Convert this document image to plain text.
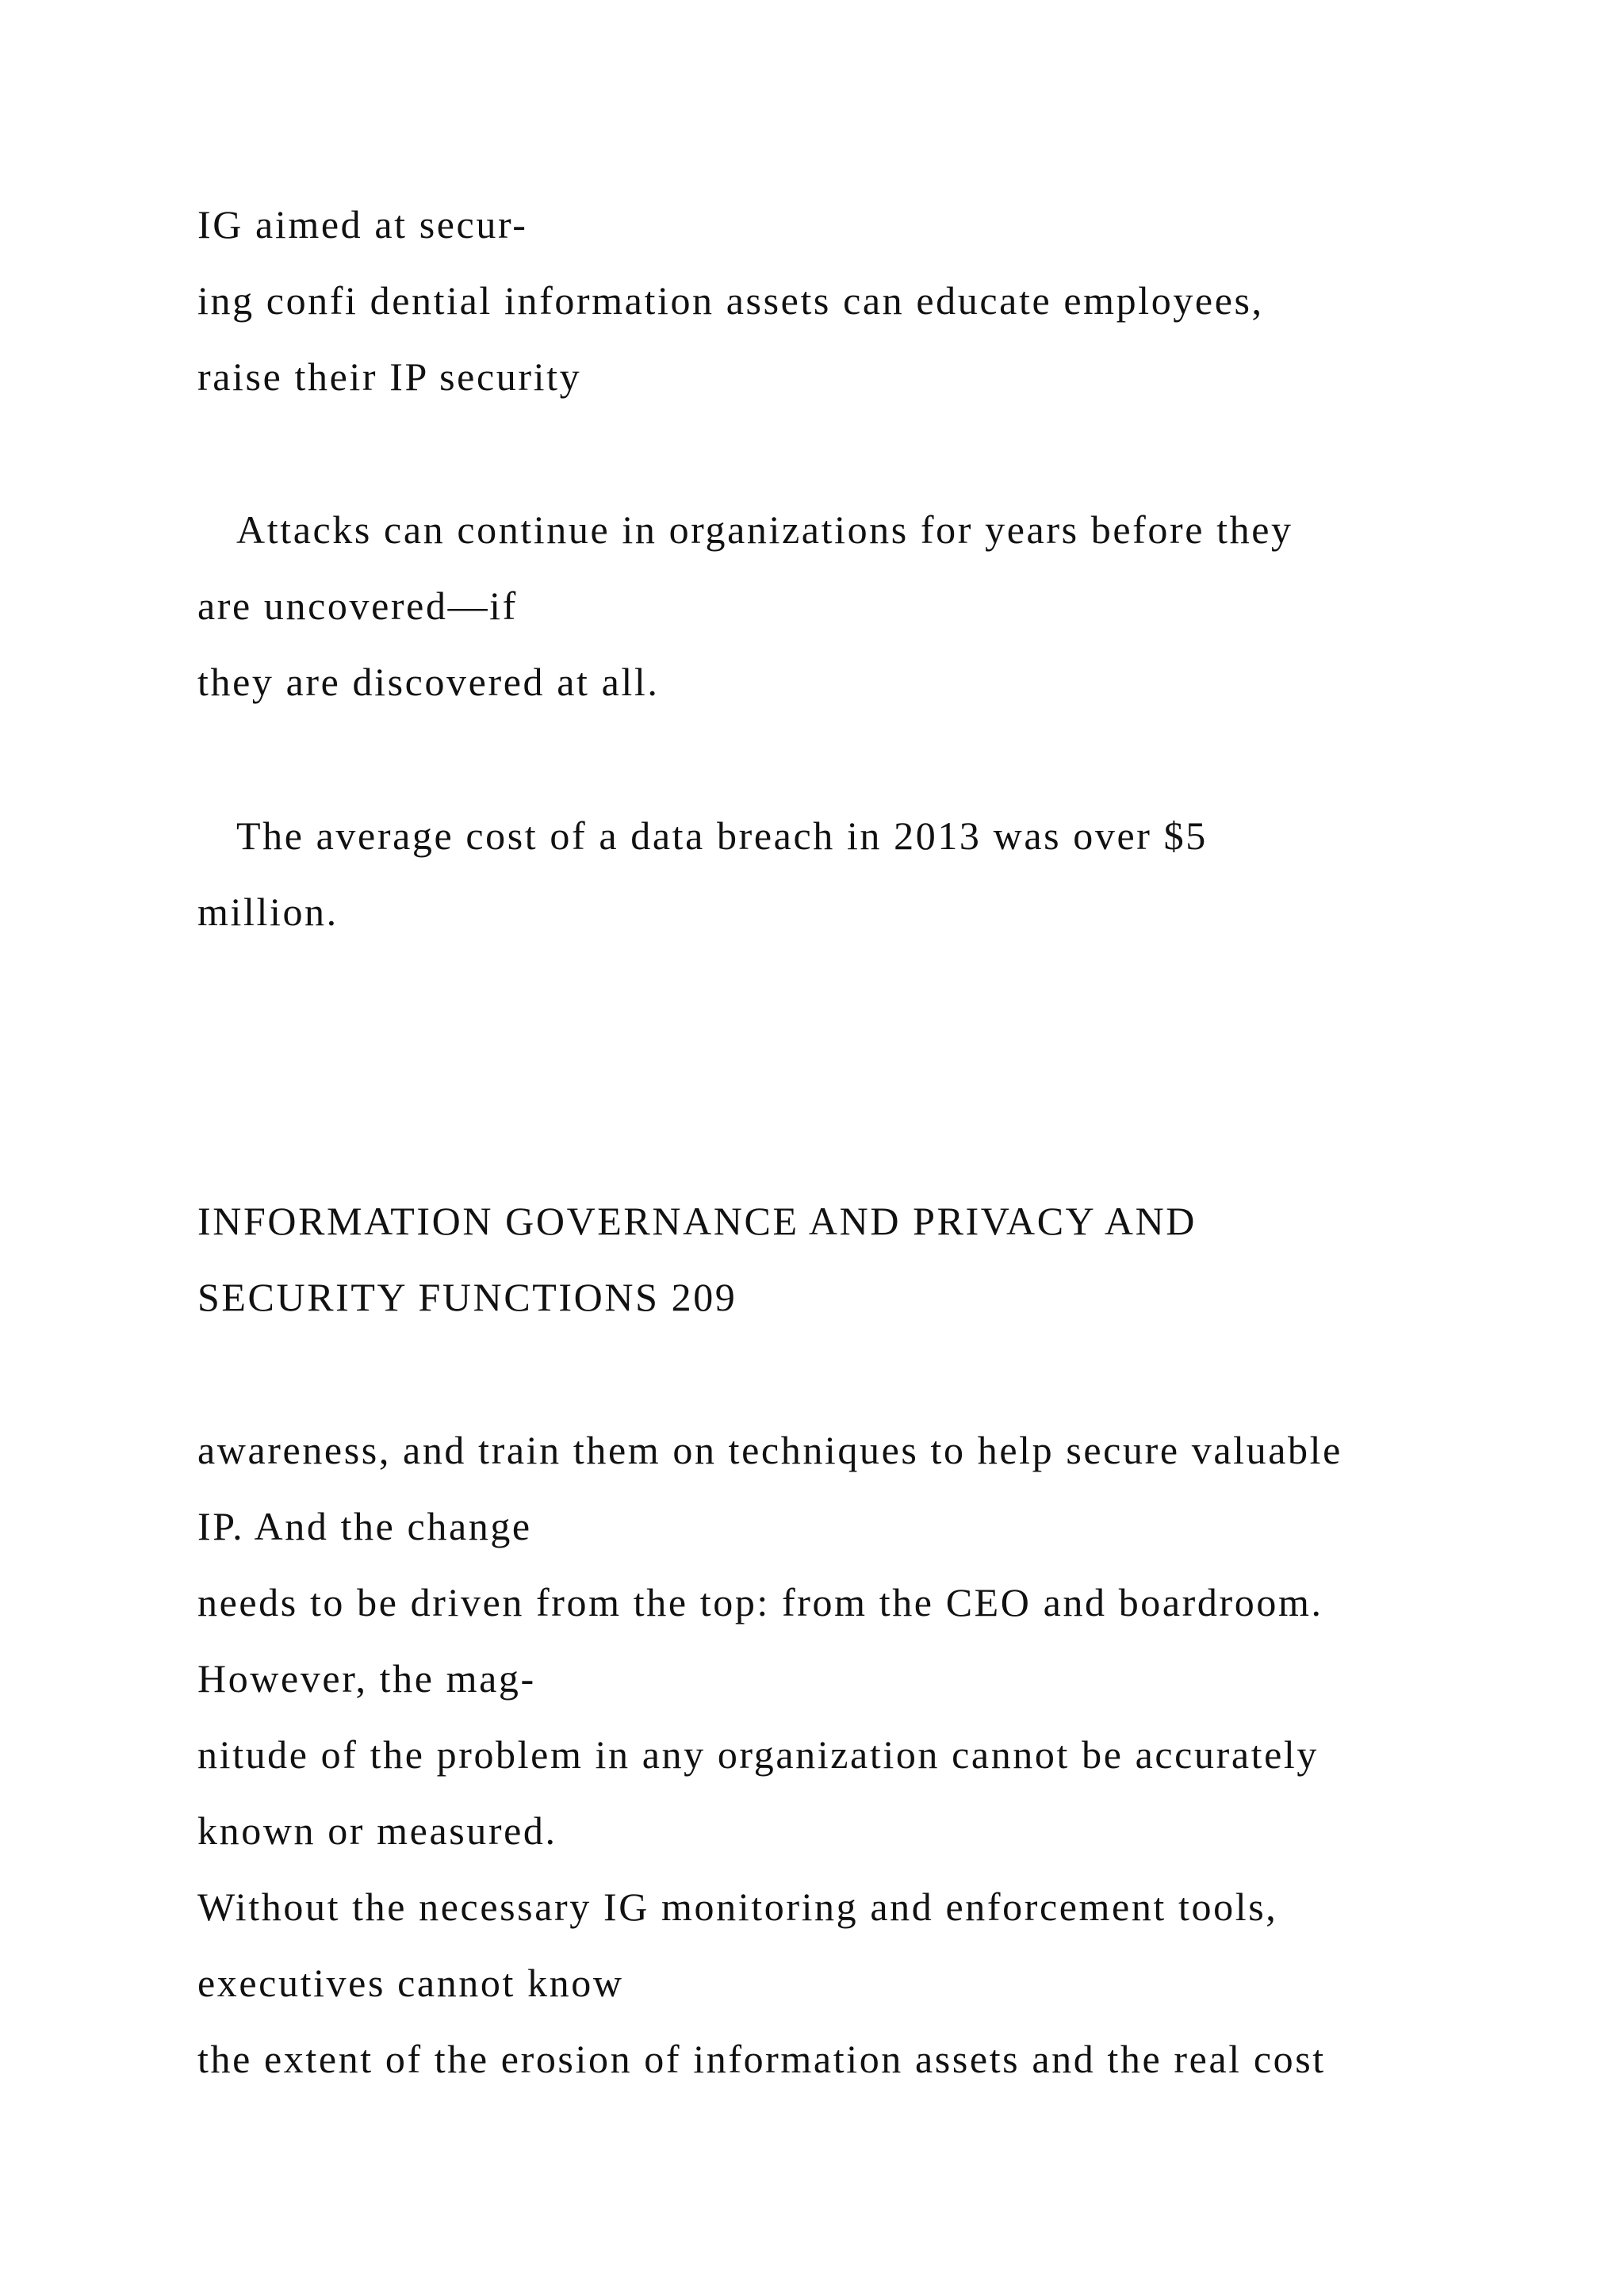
IG aimed at secur-

ing confi dential information assets can educate employees,

raise their IP security

Attacks can continue in organizations for years before they

are uncovered—if

they are discovered at all.

The average cost of a data breach in 2013 was over $5

million.

INFORMATION GOVERNANCE AND PRIVACY AND

SECURITY FUNCTIONS 209

awareness, and train them on techniques to help secure valuable

IP. And the change

needs to be driven from the top: from the CEO and boardroom.

However, the mag-

nitude of the problem in any organization cannot be accurately

known or measured.

Without the necessary IG monitoring and enforcement tools,

executives cannot know

the extent of the erosion of information assets and the real cost
